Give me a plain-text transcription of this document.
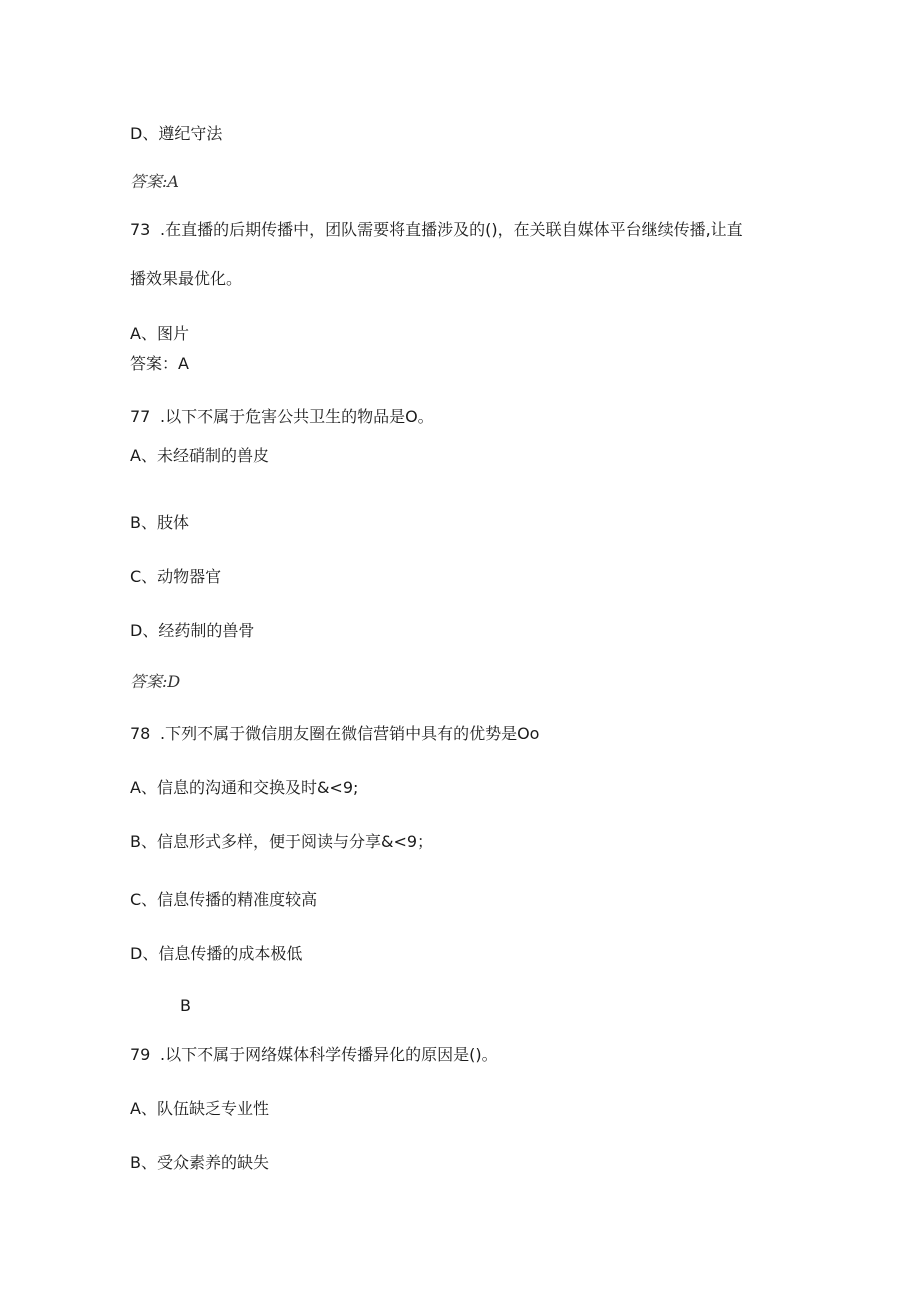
D、遵纪守法
答案:A
73 .在直播的后期传播中，团队需要将直播涉及的()，在关联自媒体平台继续传播,让直
播效果最优化。
A、图片
答案：A
77 .以下不属于危害公共卫生的物品是O。
A、未经硝制的兽皮
B、肢体
C、动物器官
D、经药制的兽骨
答案:D
78 .下列不属于微信朋友圈在微信营销中具有的优势是Oo
A、信息的沟通和交换及时&<9;
B、信息形式多样，便于阅读与分享&<9；
C、信息传播的精准度较高
D、信息传播的成本极低
B
79 .以下不属于网络媒体科学传播异化的原因是()。
A、队伍缺乏专业性
B、受众素养的缺失
